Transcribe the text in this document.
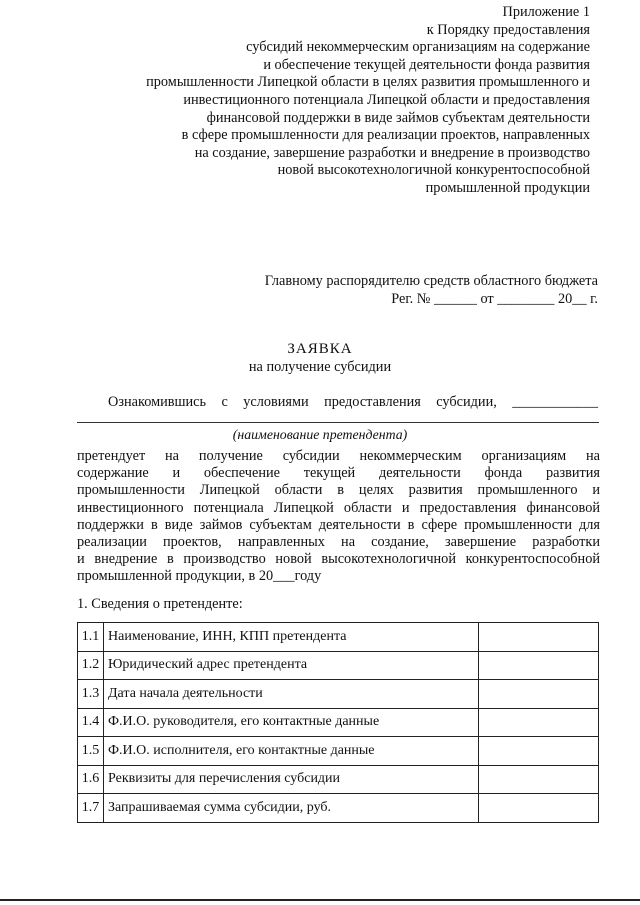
Приложение 1
к Порядку предоставления
субсидий некоммерческим организациям на содержание
и обеспечение текущей деятельности фонда развития
промышленности Липецкой области в целях развития промышленного и
инвестиционного потенциала Липецкой области и предоставления
финансовой поддержки в виде займов субъектам деятельности
в сфере промышленности для реализации проектов, направленных
на создание, завершение разработки и внедрение в производство
новой высокотехнологичной конкурентоспособной
промышленной продукции
Главному распорядителю средств областного бюджета
Рег. № ______ от ________ 20__ г.
ЗАЯВКА
на получение субсидии
Ознакомившись с условиями предоставления субсидии, ____________
(наименование претендента)
претендует на получение субсидии некоммерческим организациям на
содержание и обеспечение текущей деятельности фонда развития
промышленности Липецкой области в целях развития промышленного и
инвестиционного потенциала Липецкой области и предоставления финансовой
поддержки в виде займов субъектам деятельности в сфере промышленности для
реализации проектов, направленных на создание, завершение разработки
и внедрение в производство новой высокотехнологичной конкурентоспособной
промышленной продукции, в 20___году
1. Сведения о претенденте:
1.1	Наименование, ИНН, КПП претендента	
1.2	Юридический адрес претендента	
1.3	Дата начала деятельности	
1.4	Ф.И.О. руководителя, его контактные данные	
1.5	Ф.И.О. исполнителя, его контактные данные	
1.6	Реквизиты для перечисления субсидии	
1.7	Запрашиваемая сумма субсидии, руб.	
